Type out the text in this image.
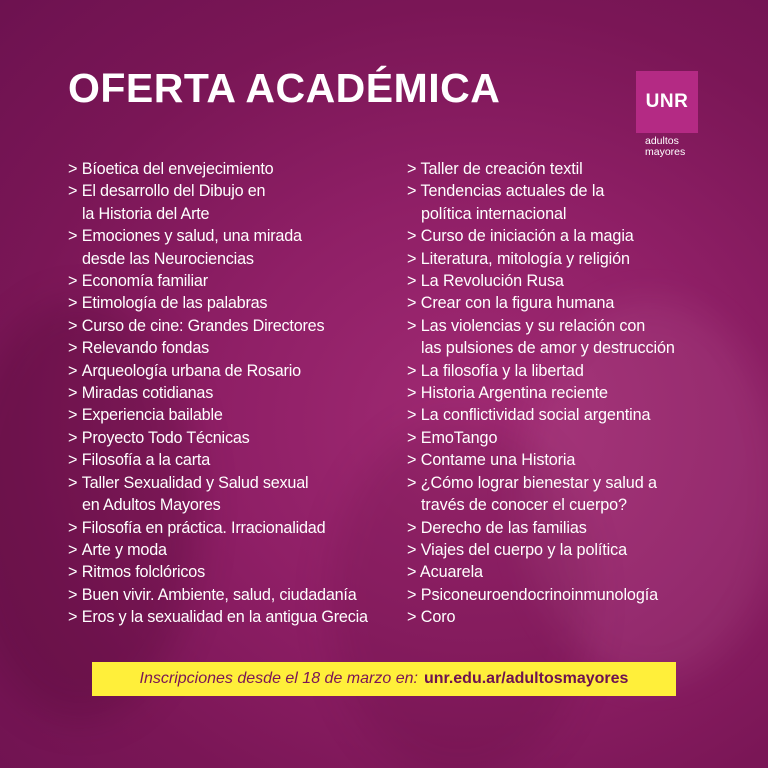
OFERTA ACADÉMICA	UNR
adultos
mayores
> Bíoetica del envejecimiento
> El desarrollo del Dibujo en
la Historia del Arte
> Emociones y salud, una mirada
desde las Neurociencias
> Economía familiar
> Etimología de las palabras
> Curso de cine: Grandes Directores
> Relevando fondas
> Arqueología urbana de Rosario
> Miradas cotidianas
> Experiencia bailable
> Proyecto Todo Técnicas
> Filosofía a la carta
> Taller Sexualidad y Salud sexual
en Adultos Mayores
> Filosofía en práctica. Irracionalidad
> Arte y moda
> Ritmos folclóricos
> Buen vivir. Ambiente, salud, ciudadanía
> Eros y la sexualidad en la antigua Grecia
> Taller de creación textil
> Tendencias actuales de la
política internacional
> Curso de iniciación a la magia
> Literatura, mitología y religión
> La Revolución Rusa
> Crear con la figura humana
> Las violencias y su relación con
las pulsiones de amor y destrucción
> La filosofía y la libertad
> Historia Argentina reciente
> La conflictividad social argentina
> EmoTango
> Contame una Historia
> ¿Cómo lograr bienestar y salud a
través de conocer el cuerpo?
> Derecho de las familias
> Viajes del cuerpo y la política
> Acuarela
> Psiconeuroendocrinoinmunología
> Coro
Inscripciones desde el 18 de marzo en: unr.edu.ar/adultosmayores
